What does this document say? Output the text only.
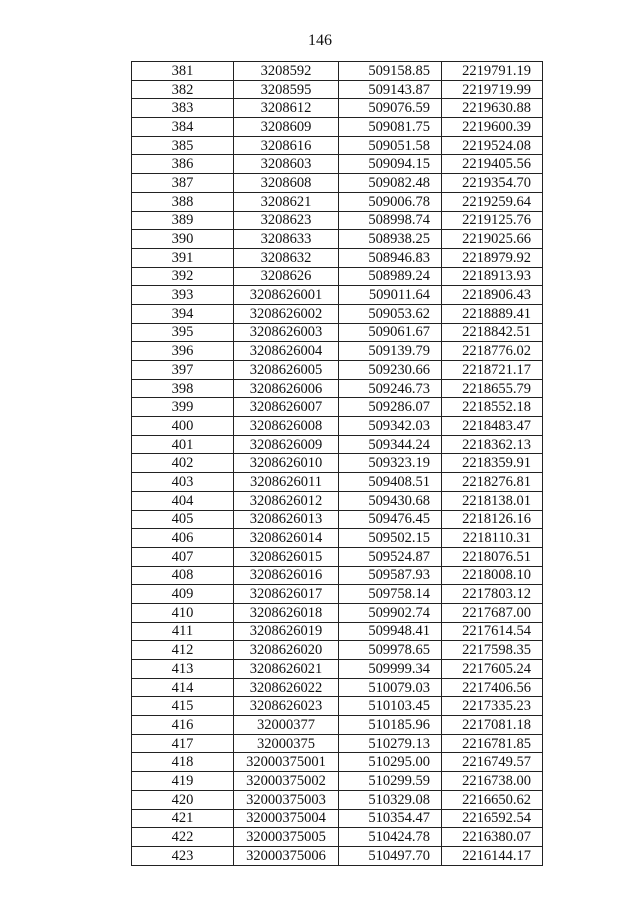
146
381	3208592	509158.85	2219791.19
382	3208595	509143.87	2219719.99
383	3208612	509076.59	2219630.88
384	3208609	509081.75	2219600.39
385	3208616	509051.58	2219524.08
386	3208603	509094.15	2219405.56
387	3208608	509082.48	2219354.70
388	3208621	509006.78	2219259.64
389	3208623	508998.74	2219125.76
390	3208633	508938.25	2219025.66
391	3208632	508946.83	2218979.92
392	3208626	508989.24	2218913.93
393	3208626001	509011.64	2218906.43
394	3208626002	509053.62	2218889.41
395	3208626003	509061.67	2218842.51
396	3208626004	509139.79	2218776.02
397	3208626005	509230.66	2218721.17
398	3208626006	509246.73	2218655.79
399	3208626007	509286.07	2218552.18
400	3208626008	509342.03	2218483.47
401	3208626009	509344.24	2218362.13
402	3208626010	509323.19	2218359.91
403	3208626011	509408.51	2218276.81
404	3208626012	509430.68	2218138.01
405	3208626013	509476.45	2218126.16
406	3208626014	509502.15	2218110.31
407	3208626015	509524.87	2218076.51
408	3208626016	509587.93	2218008.10
409	3208626017	509758.14	2217803.12
410	3208626018	509902.74	2217687.00
411	3208626019	509948.41	2217614.54
412	3208626020	509978.65	2217598.35
413	3208626021	509999.34	2217605.24
414	3208626022	510079.03	2217406.56
415	3208626023	510103.45	2217335.23
416	32000377	510185.96	2217081.18
417	32000375	510279.13	2216781.85
418	32000375001	510295.00	2216749.57
419	32000375002	510299.59	2216738.00
420	32000375003	510329.08	2216650.62
421	32000375004	510354.47	2216592.54
422	32000375005	510424.78	2216380.07
423	32000375006	510497.70	2216144.17
